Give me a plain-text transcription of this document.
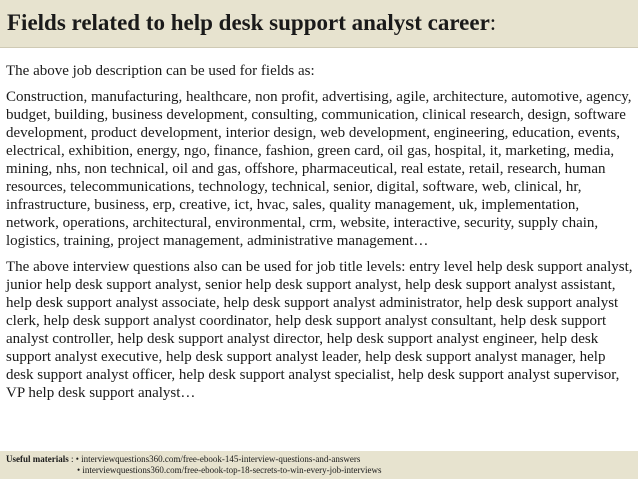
Fields related to help desk support analyst career:

The above job description can be used for fields as:

Construction, manufacturing, healthcare, non profit, advertising, agile, architecture, automotive, agency, budget, building, business development, consulting, communication, clinical research, design, software development, product development, interior design, web development, engineering, education, events, electrical, exhibition, energy, ngo, finance, fashion, green card, oil gas, hospital, it, marketing, media, mining, nhs, non technical, oil and gas, offshore, pharmaceutical, real estate, retail, research, human resources, telecommunications, technology, technical, senior, digital, software, web, clinical, hr, infrastructure, business, erp, creative, ict, hvac, sales, quality management, uk, implementation, network, operations, architectural, environmental, crm, website, interactive, security, supply chain, logistics, training, project management, administrative management…

The above interview questions also can be used for job title levels: entry level help desk support analyst, junior help desk support analyst, senior help desk support analyst, help desk support analyst assistant, help desk support analyst associate, help desk support analyst administrator, help desk support analyst clerk, help desk support analyst coordinator, help desk support analyst consultant, help desk support analyst controller, help desk support analyst director, help desk support analyst engineer, help desk support analyst executive, help desk support analyst leader, help desk support analyst manager, help desk support analyst officer, help desk support analyst specialist, help desk support analyst supervisor, VP help desk support analyst…

Useful materials : • interviewquestions360.com/free-ebook-145-interview-questions-and-answers
• interviewquestions360.com/free-ebook-top-18-secrets-to-win-every-job-interviews
